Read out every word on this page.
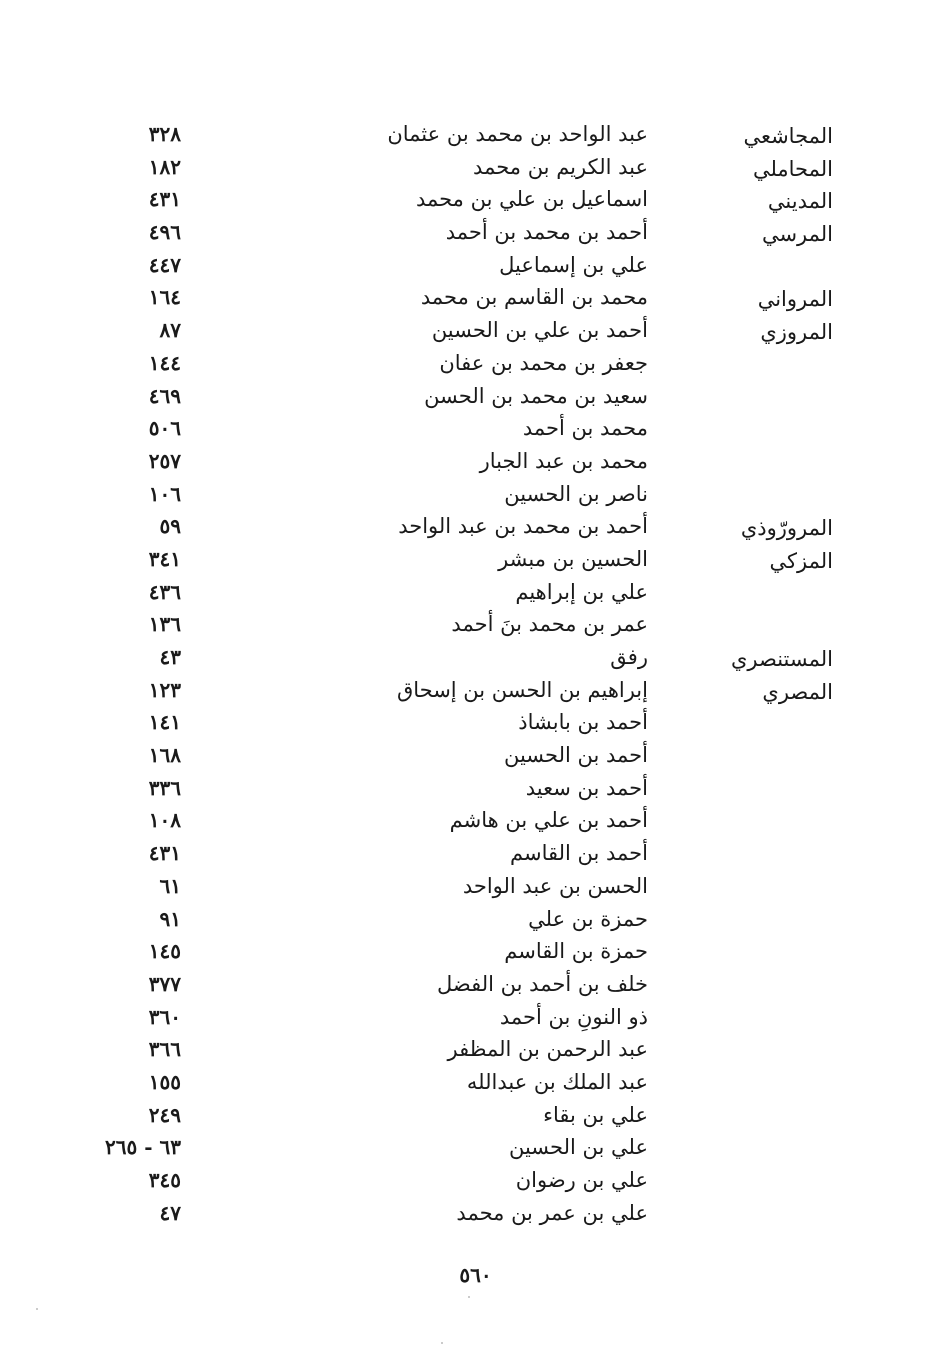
المجاشعي
عبد الواحد بن محمد بن عثمان
٣٢٨
المحاملي
عبد الكريم بن محمد
١٨٢
المديني
اسماعيل بن علي بن محمد
٤٣١
المرسي
أحمد بن محمد بن أحمد
٤٩٦
علي بن إسماعيل
٤٤٧
المرواني
محمد بن القاسم بن محمد
١٦٤
المروزي
أحمد بن علي بن الحسين
٨٧
جعفر بن محمد بن عفان
١٤٤
سعيد بن محمد بن الحسن
٤٦٩
محمد بن أحمد
٥٠٦
محمد بن عبد الجبار
٢٥٧
ناصر بن الحسين
١٠٦
المرورّوذي
أحمد بن محمد بن عبد الواحد
٥٩
المزكي
الحسين بن مبشر
٣٤١
علي بن إبراهيم
٤٣٦
عمر بن محمد بنَ أحمد
١٣٦
المستنصري
رفق
٤٣
المصري
إبراهيم بن الحسن بن إسحاق
١٢٣
أحمد بن بابشاذ
١٤١
أحمد بن الحسين
١٦٨
أحمد بن سعيد
٣٣٦
أحمد بن علي بن هاشم
١٠٨
أحمد بن القاسم
٤٣١
الحسن بن عبد الواحد
٦١
حمزة بن علي
٩١
حمزة بن القاسم
١٤٥
خلف بن أحمد بن الفضل
٣٧٧
ذو النونِ بن أحمد
٣٦٠
عبد الرحمن بن المظفر
٣٦٦
عبد الملك بن عبدالله
١٥٥
علي بن بقاء
٢٤٩
علي بن الحسين
٦٣ - ٢٦٥
علي بن رضوان
٣٤٥
علي بن عمر بن محمد
٤٧
٥٦٠
